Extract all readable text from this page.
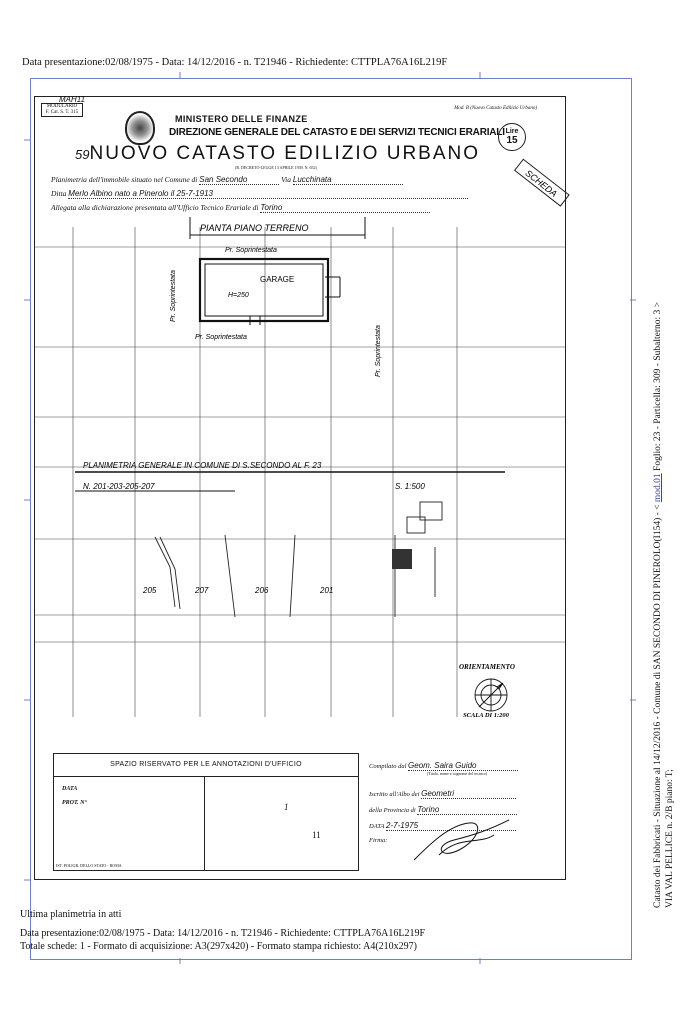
Data presentazione:02/08/1975 - Data: 14/12/2016 - n. T21946 - Richiedente: CTTPLA76A16L219F
MODULARIO
F. Cat. S. T. 315
MAH11
Mod. B (Nuovo Catasto Edilizio Urbano)
MINISTERO DELLE FINANZE
DIREZIONE GENERALE DEL CATASTO E DEI SERVIZI TECNICI ERARIALI Lire
15
SCHEDA
59NUOVO CATASTO EDILIZIO URBANO
(R. DECRETO-LEGGE 13 APRILE 1939, N. 652)
Planimetria dell'immobile situato nel Comune di San Secondo	Via Lucchinata
Ditta Merlo Albino nato a Pinerolo il 25-7-1913
Allegata alla dichiarazione presentata all'Ufficio Tecnico Erariale di Torino
PIANTA PIANO TERRENO
GARAGE
H=250
Pr. Soprintestata
Pr. Soprintestata
Pr. Soprintestata
Pr. Soprintestata
PLANIMETRIA GENERALE IN COMUNE DI S.SECONDO AL F. 23
N. 201-203-205-207	S. 1:500
205	207	206	201
ORIENTAMENTO
SCALA DI 1:200
SPAZIO RISERVATO PER LE ANNOTAZIONI D'UFFICIO
DATA
PROT. N°	1
11
IST. POLIGR. DELLO STATO - ROMA
Compilato dal Geom. Saira Guido
(Titolo, nome e cognome del tecnico)
Iscritto all'Albo dei Geometri
della Provincia di Torino
DATA 2-7-1975
Firma:
Ultima planimetria in atti
Data presentazione:02/08/1975 - Data: 14/12/2016 - n. T21946 - Richiedente: CTTPLA76A16L219F
Totale schede: 1 - Formato di acquisizione: A3(297x420) - Formato stampa richiesto: A4(210x297)
Catasto dei Fabbricati - Situazione al 14/12/2016 - Comune di SAN SECONDO DI PINEROLO(I154) - < mod.01 Foglio: 23 - Particella: 309 - Subalterno: 3 >
VIA VAL PELLICE n. 2/B piano: T;
